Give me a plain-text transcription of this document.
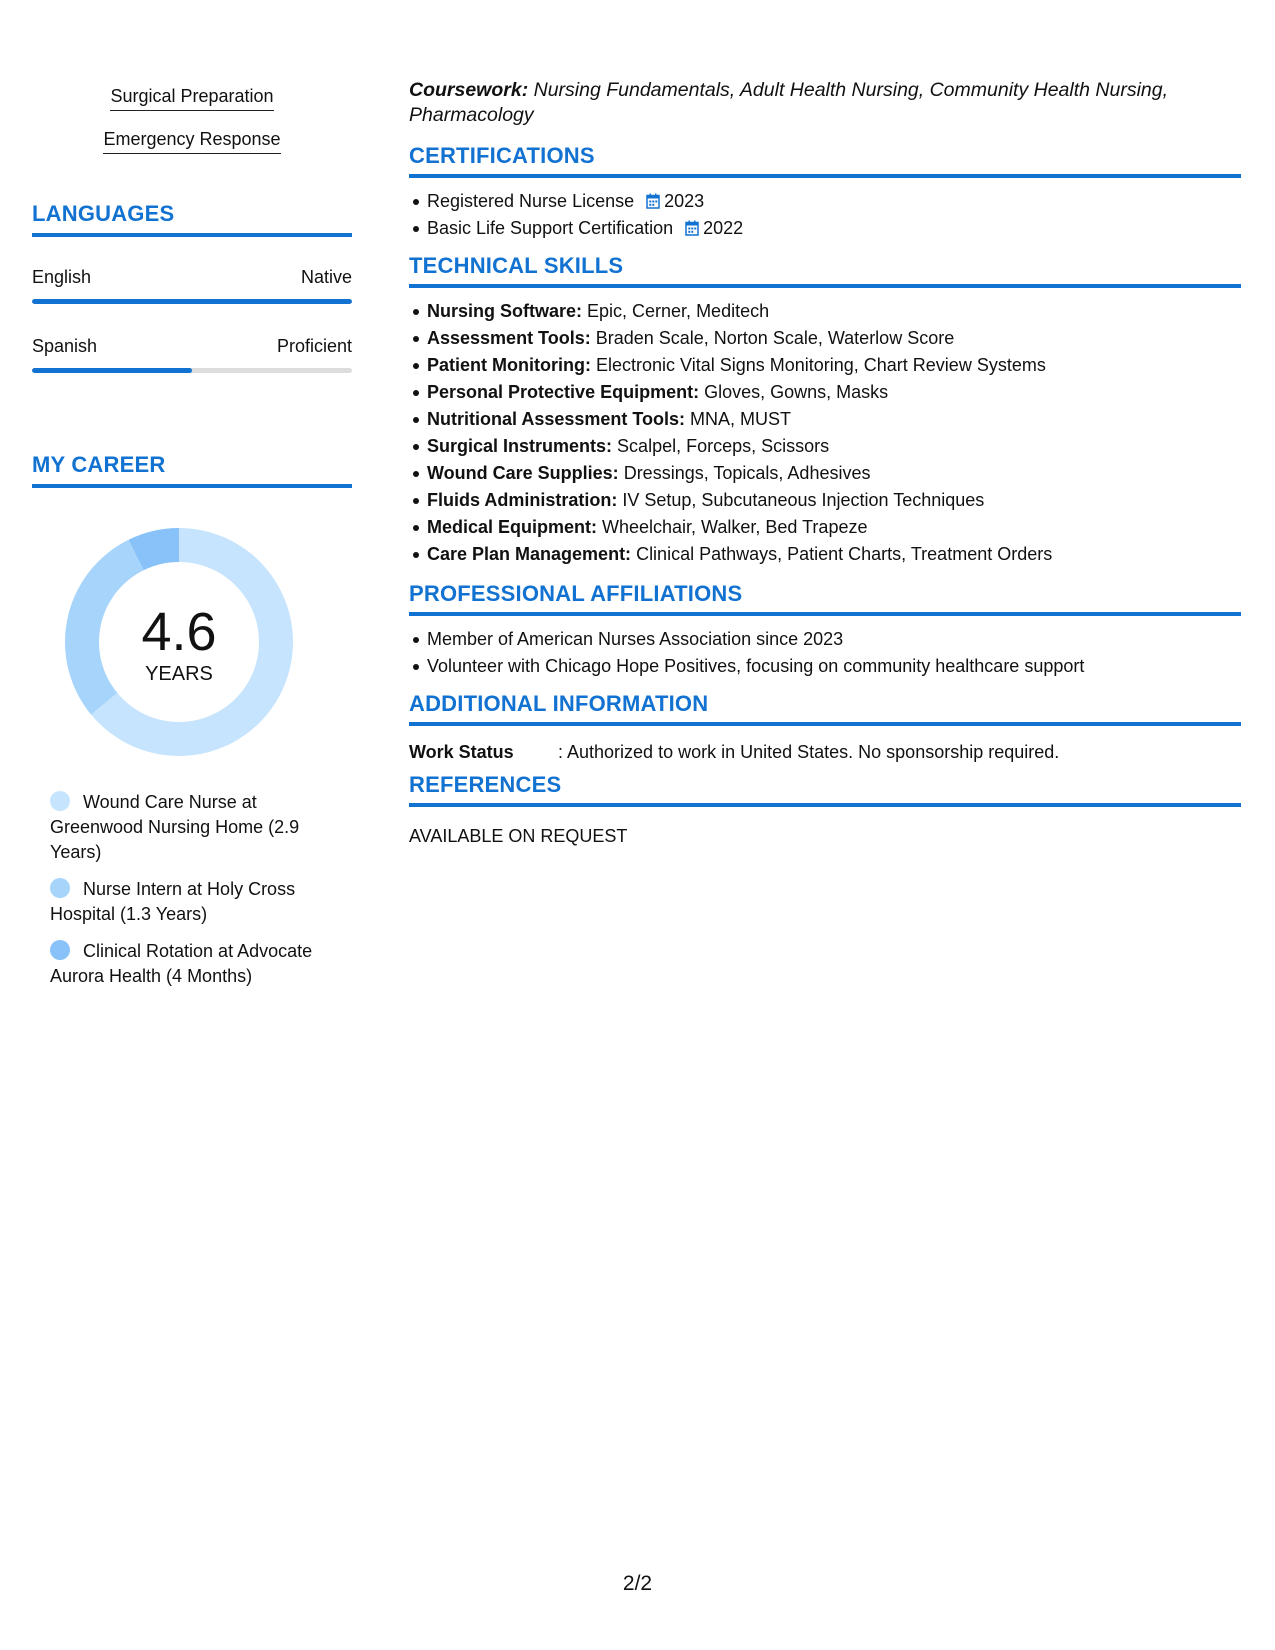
Surgical Preparation
Emergency Response
LANGUAGES
English	Native
Spanish	Proficient
MY CAREER
4.6
YEARS
Wound Care Nurse at Greenwood Nursing Home (2.9 Years)
Nurse Intern at Holy Cross Hospital (1.3 Years)
Clinical Rotation at Advocate Aurora Health (4 Months)
Coursework: Nursing Fundamentals, Adult Health Nursing, Community Health Nursing, Pharmacology
CERTIFICATIONS
Registered Nurse License 2023
Basic Life Support Certification 2022
TECHNICAL SKILLS
Nursing Software: Epic, Cerner, Meditech
Assessment Tools: Braden Scale, Norton Scale, Waterlow Score
Patient Monitoring: Electronic Vital Signs Monitoring, Chart Review Systems
Personal Protective Equipment: Gloves, Gowns, Masks
Nutritional Assessment Tools: MNA, MUST
Surgical Instruments: Scalpel, Forceps, Scissors
Wound Care Supplies: Dressings, Topicals, Adhesives
Fluids Administration: IV Setup, Subcutaneous Injection Techniques
Medical Equipment: Wheelchair, Walker, Bed Trapeze
Care Plan Management: Clinical Pathways, Patient Charts, Treatment Orders
PROFESSIONAL AFFILIATIONS
Member of American Nurses Association since 2023
Volunteer with Chicago Hope Positives, focusing on community healthcare support
ADDITIONAL INFORMATION
Work Status : Authorized to work in United States. No sponsorship required.
REFERENCES
AVAILABLE ON REQUEST
2/2
